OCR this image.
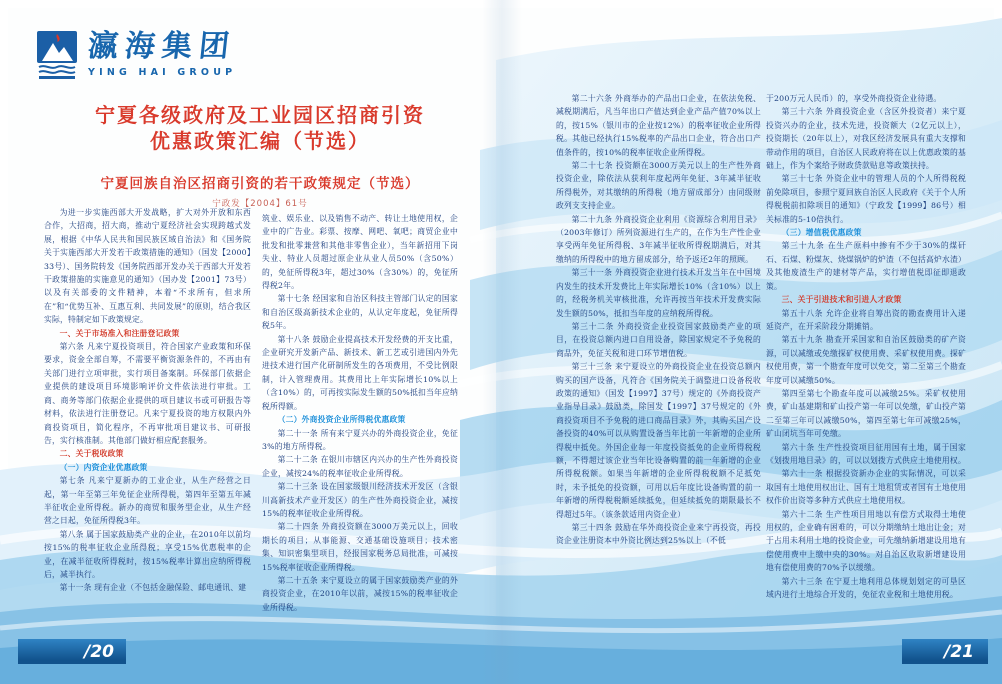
瀛海集团
YING HAI GROUP
宁夏各级政府及工业园区招商引资
优惠政策汇编（节选）
宁夏回族自治区招商引资的若干政策规定（节选）
宁政发【2004】61号
为进一步实施西部大开发战略，扩大对外开放和东西合作，大招商，招大商，推动宁夏经济社会实现跨越式发展，根据《中华人民共和国民族区域自治法》和《国务院关于实施西部大开发若干政策措施的通知》（国发【2000】33号）、国务院转发《国务院西部开发办关于西部大开发若干政策措施的实施意见的通知》（国办发【2001】73号）以及有关部委的文件精神，本着“不求所有，但求所在”和“优势互补、互惠互利、共同发展”的原则，结合我区实际，特制定如下政策规定。
一、关于市场准入和注册登记政策
第六条 凡来宁夏投资项目，符合国家产业政策和环保要求，资金全部自筹，不需要平衡资源条件的，不再由有关部门进行立项审批，实行项目备案制。环保部门依据企业提供的建设项目环境影响评价文件依法进行审批。工商、商务等部门依据企业提供的项目建议书或可研报告等材料，依法进行注册登记。凡来宁夏投资的地方权限内外商投资项目，简化程序，不再审批项目建议书、可研报告，实行核准制。其他部门做好相应配套服务。
二、关于税收政策
（一）内资企业优惠政策
第七条 凡来宁夏新办的工业企业，从生产经营之日起，第一年至第三年免征企业所得税，第四年至第五年减半征收企业所得税。新办的商贸和服务型企业，从生产经营之日起，免征所得税3年。
第八条 属于国家鼓励类产业的企业，在2010年以前均按15%的税率征收企业所得税；享受15%优惠税率的企业，在减半征收所得税时，按15%税率计算出应纳所得税后，减半执行。
第十一条 现有企业（不包括金融保险、邮电通讯、建
筑业、娱乐业、以及销售不动产、转让土地使用权，企业中的广告业。彩票、按摩、网吧、氧吧；商贸企业中批发和批零兼营和其他非零售企业），当年新招用下岗失业、特业人员超过原企业从业人员50%（含50%）的，免征所得税3年，超过30%（含30%）的，免征所得税2年。
第十七条 经国家和自治区科技主管部门认定的国家和自治区级高新技术企业的，从认定年度起，免征所得税5年。
第十八条 鼓励企业提高技术开发经费的开支比重，企业研究开发新产品、新技术、新工艺或引进国内外先进技术进行国产化研制所发生的各项费用，不受比例限制，计入管理费用。其费用比上年实际增长10%以上（含10%）的，可再按实际发生额的50%抵扣当年应纳税所得额。
（二）外商投资企业所得税优惠政策
第二十一条 所有来宁夏兴办的外商投资企业，免征3%的地方所得税。
第二十二条 在银川市辖区内兴办的生产性外商投资企业，减按24%的税率征收企业所得税。
第二十三条 设在国家级银川经济技术开发区（含银川高新技术产业开发区）的生产性外商投资企业，减按15%的税率征收企业所得税。
第二十四条 外商投资额在3000万美元以上，回收期长的项目；从事能源、交通基础设施项目；技术密集、知识密集型项目，经报国家税务总局批准，可减按15%税率征收企业所得税。
第二十五条 来宁夏设立的属于国家鼓励类产业的外商投资企业，在2010年以前，减按15%的税率征收企业所得税。
第二十六条 外商举办的产品出口企业，在依法免税、减税期满后，凡当年出口产值达到企业产品产值70%以上的，按15%（银川市的企业按12%）的税率征收企业所得税。其他已经执行15%税率的产品出口企业，符合出口产值条件的，按10%的税率征收企业所得税。
第二十七条 投资额在3000万美元以上的生产性外商投资企业，除依法从获利年度起两年免征、3年减半征收所得税外，对其缴纳的所得税（地方留成部分）由同级财政列支支持企业。
第二十九条 外商投资企业利用《资源综合利用目录》（2003年修订）所列资源进行生产的，在作为生产性企业享受两年免征所得税、3年减半征收所得税期满后，对其缴纳的所得税中的地方留成部分，给予返还2年的照顾。
第三十一条 外商投资企业进行技术开发当年在中国境内发生的技术开发费比上年实际增长10%（含10%）以上的，经税务机关审核批准，允许再按当年技术开发费实际发生额的50%，抵扣当年度的应纳税所得税。
第三十二条 外商投资企业投资国家鼓励类产业的项目，在投资总额内进口自用设备，除国家规定不予免税的商品外，免征关税和进口环节增值税。
第三十三条 来宁夏设立的外商投资企业在投资总额内购买的国产设备，凡符合《国务院关于调整进口设备税收政策的通知》（国发【1997】37号）规定的《外商投资产业指导目录》鼓励类，除国发【1997】37号规定的《外商投资项目不予免税的进口商品目录》外，其购买国产设备投资的40%可以从购置设备当年比前一年新增的企业所得税中抵免。外国企业每一年度投资抵免的企业所得税税额，不得超过该企业当年比设备购置的前一年新增的企业所得税税额。如果当年新增的企业所得税税额不足抵免时，未予抵免的投资额，可用以后年度比设备购置的前一年新增的所得税税额延续抵免，但延续抵免的期限最长不得超过5年。（该条款适用内资企业）
第三十四条 鼓励在华外商投资企业来宁再投资，再投资企业注册资本中外资比例达到25%以上（不低
于200万元人民币）的，享受外商投资企业待遇。
第三十六条 外商投资企业（含区外投资者）来宁夏投资兴办的企业，技术先进，投资额大（2亿元以上），投资期长（20年以上），对我区经济发展具有重大支撑和带动作用的项目，自治区人民政府将在以上优惠政策的基础上，作为个案给予财政贷款贴息等政策扶持。
第三十七条 外资企业中的管理人员的个人所得税税前免除项目，参照宁夏回族自治区人民政府《关于个人所得税税前扣除项目的通知》（宁政发【1999】86号）相关标准的5-10倍执行。
（三）增值税优惠政策
第三十九条 在生产原料中掺有不少于30%的煤矸石、石煤、粉煤灰、烧煤锅炉的炉渣（不包括高炉水渣）及其他废渣生产的建材等产品，实行增值税即征即退政策。
三、关于引进技术和引进人才政策
第五十八条 允许企业将自筹出资的勘查费用计入递延资产，在开采阶段分期摊销。
第五十九条 勘查开采国家和自治区鼓励类的矿产资源，可以减缴或免缴探矿权使用费、采矿权使用费。探矿权使用费，第一个勘查年度可以免交，第二至第三个勘查年度可以减缴50%。
第四至第七个勘查年度可以减缴25%。采矿权使用费，矿山基建期和矿山投产第一年可以免缴，矿山投产第二至第三年可以减缴50%，第四至第七年可减缴25%，矿山闭坑当年可免缴。
第六十条 生产性投资项目征用国有土地，属于国家《划拨用地目录》的，可以以划拨方式供应土地使用权。
第六十一条 根据投资新办企业的实际情况，可以采取国有土地使用权出让、国有土地租赁或者国有土地使用权作价出资等多种方式供应土地使用权。
第六十二条 生产性项目用地以有偿方式取得土地使用权的，企业确有困难的，可以分期缴纳土地出让金；对于占用未利用土地的投资企业，可先缴纳新增建设用地有偿使用费中上缴中央的30%。对自治区收取新增建设用地有偿使用费的70%予以缓缴。
第六十三条 在宁夏土地利用总体规划划定的可垦区域内进行土地综合开发的，免征农业税和土地使用税。
/20	/21
